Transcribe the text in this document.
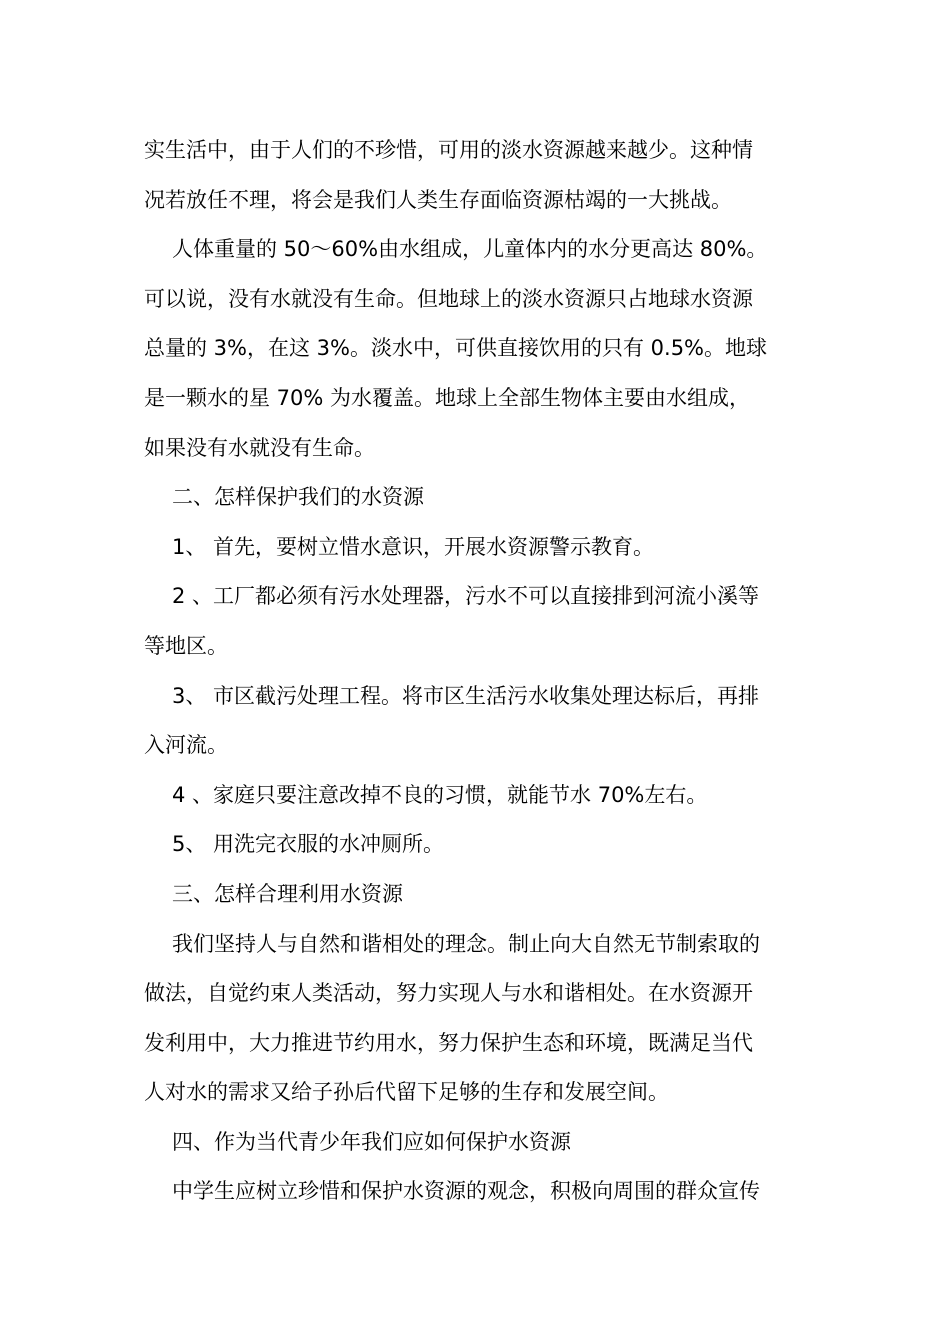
实生活中，由于人们的不珍惜，可用的淡水资源越来越少。这种情
况若放任不理，将会是我们人类生存面临资源枯竭的一大挑战。
人体重量的 50～60%由水组成，儿童体内的水分更高达 80%。
可以说，没有水就没有生命。但地球上的淡水资源只占地球水资源
总量的 3%，在这 3%。淡水中，可供直接饮用的只有 0.5%。地球
是一颗水的星 70% 为水覆盖。地球上全部生物体主要由水组成，
如果没有水就没有生命。
二、怎样保护我们的水资源
1、 首先，要树立惜水意识，开展水资源警示教育。
2 、工厂都必须有污水处理器，污水不可以直接排到河流小溪等
等地区。
3、 市区截污处理工程。将市区生活污水收集处理达标后，再排
入河流。
4 、家庭只要注意改掉不良的习惯，就能节水 70%左右。
5、 用洗完衣服的水冲厕所。
三、怎样合理利用水资源
我们坚持人与自然和谐相处的理念。制止向大自然无节制索取的
做法，自觉约束人类活动，努力实现人与水和谐相处。在水资源开
发利用中，大力推进节约用水，努力保护生态和环境，既满足当代
人对水的需求又给子孙后代留下足够的生存和发展空间。
四、作为当代青少年我们应如何保护水资源
中学生应树立珍惜和保护水资源的观念，积极向周围的群众宣传
